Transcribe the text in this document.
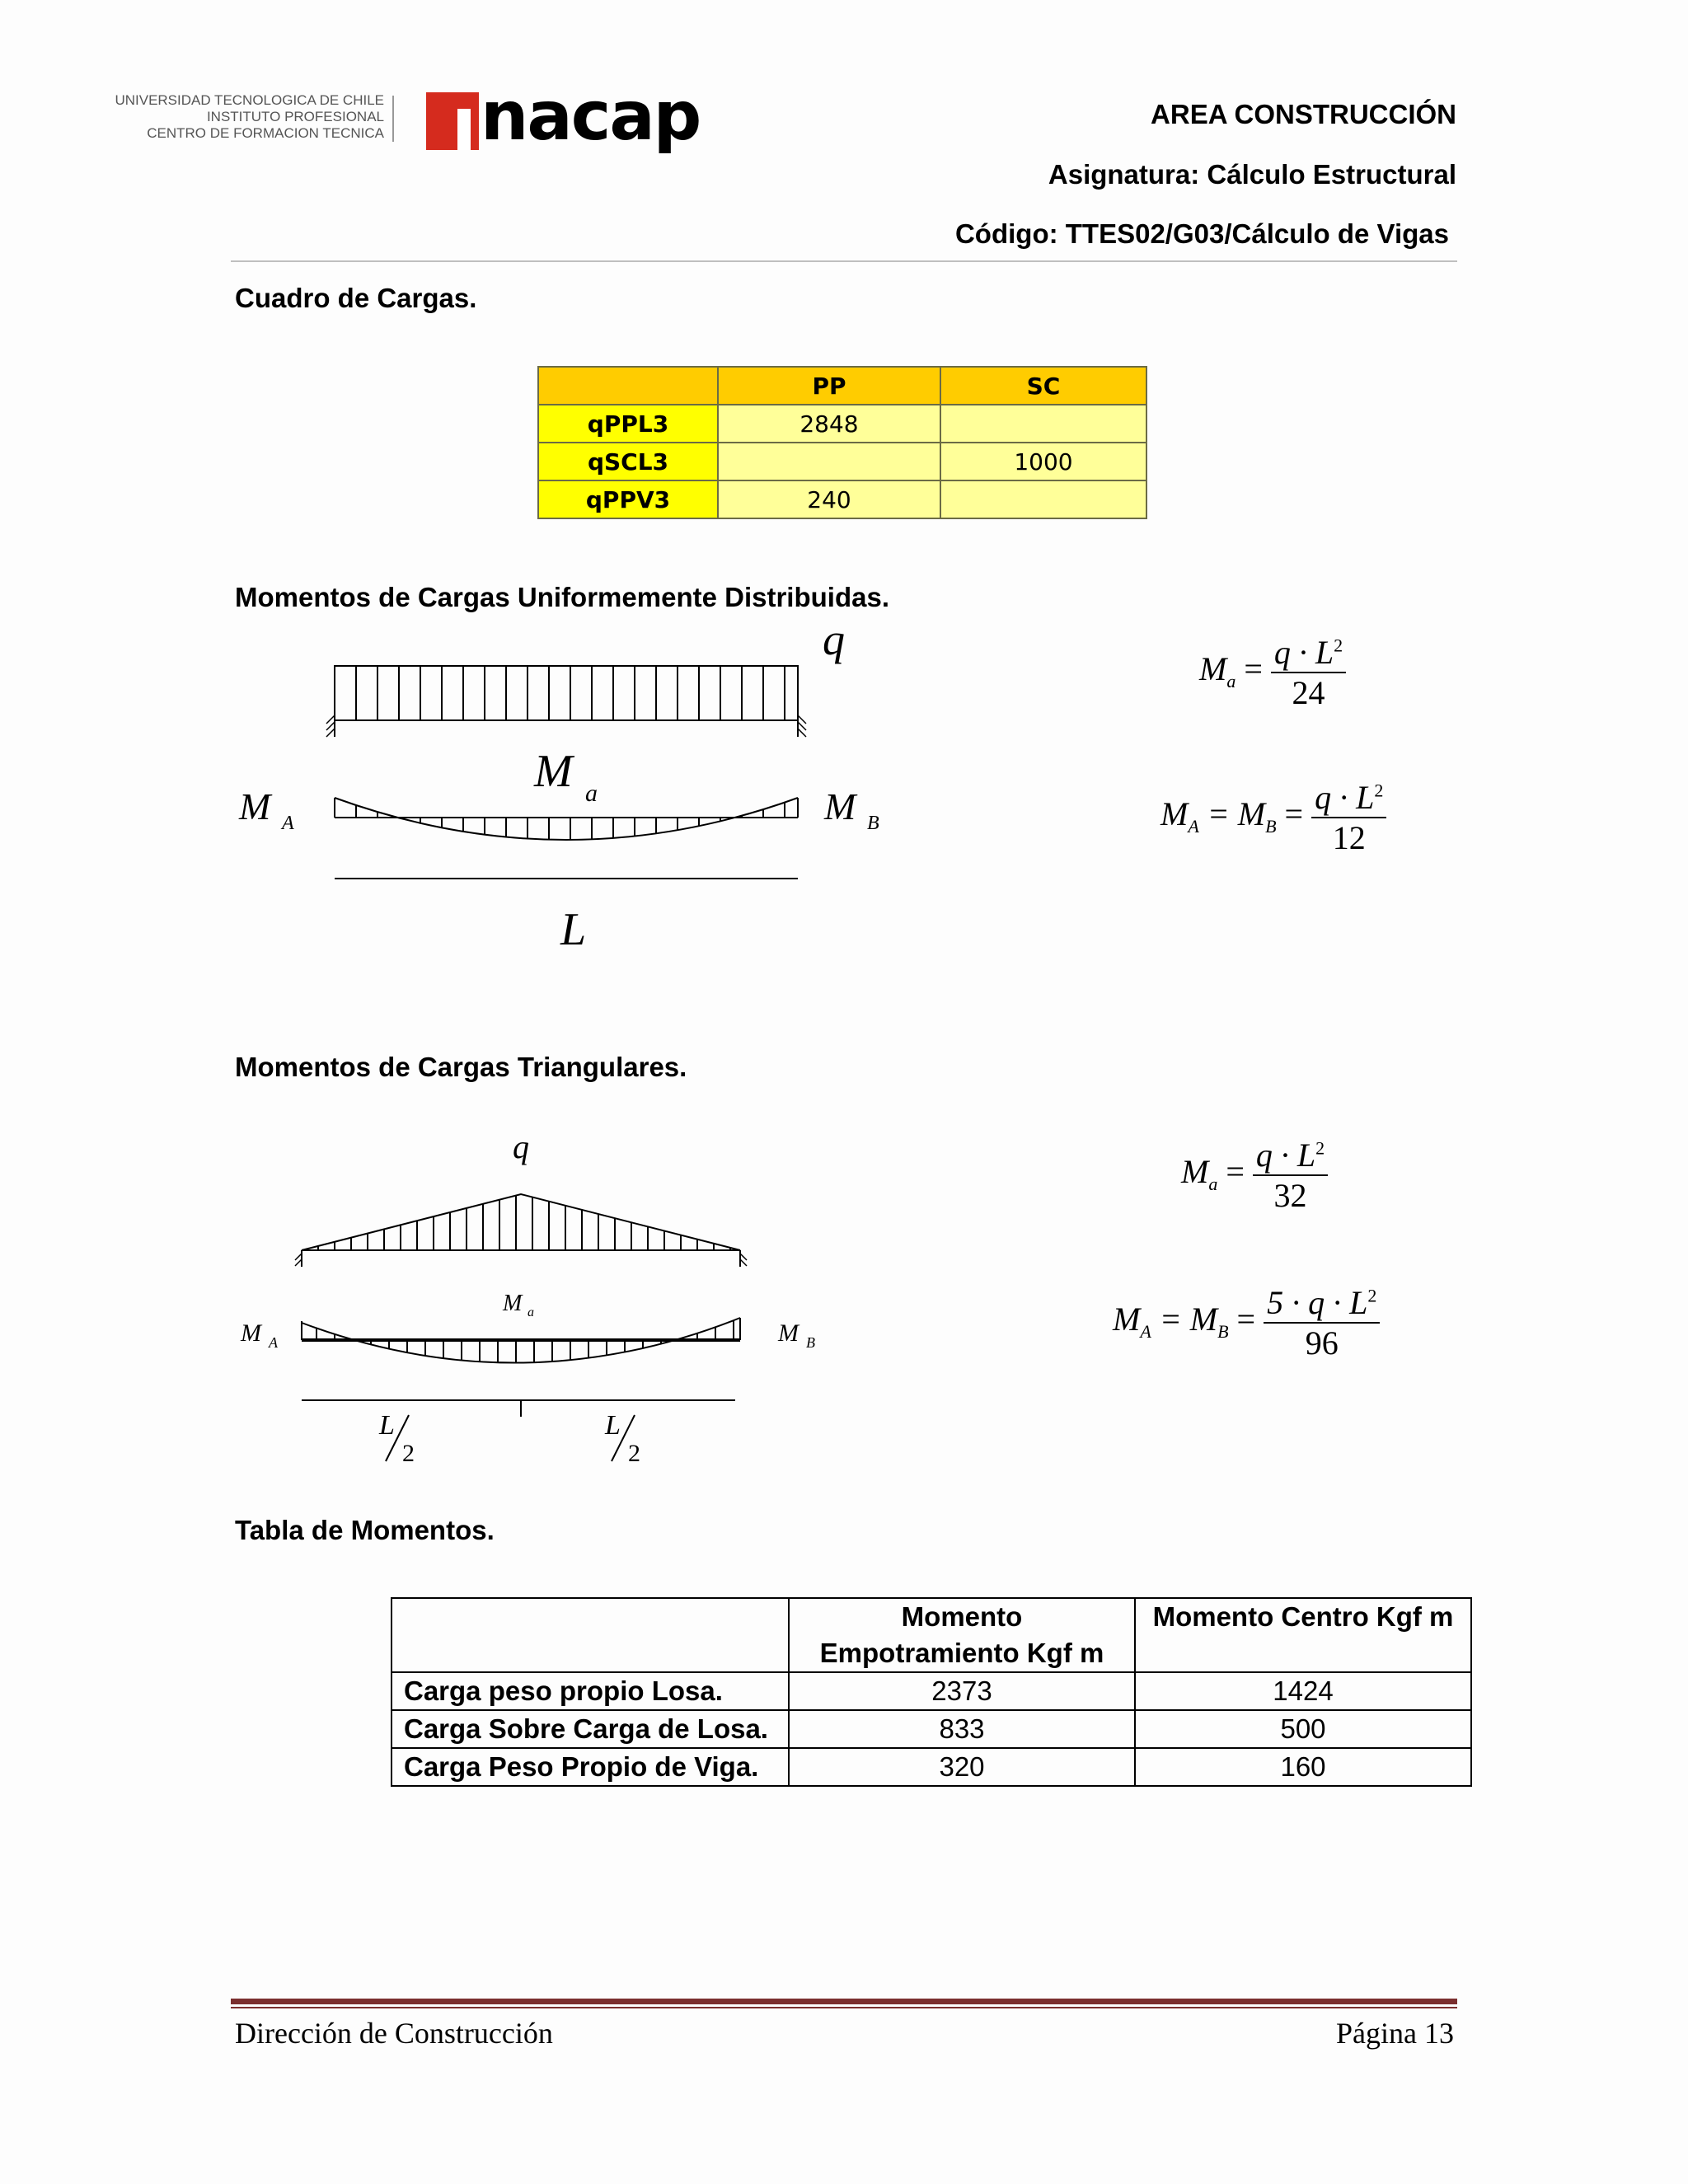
UNIVERSIDAD TECNOLOGICA DE CHILE
INSTITUTO PROFESIONAL
CENTRO DE FORMACION TECNICA nacap	AREA CONSTRUCCIÓN
Asignatura: Cálculo Estructural
Código: TTES02/G03/Cálculo de Vigas
Cuadro de Cargas.
	PP	SC
qPPL3	2848	
qSCL3		1000
qPPV3	240	
Momentos de Cargas Uniformemente Distribuidas.
q
M a
M A	M B
L
$M_a = \frac{q \cdot L^2}{24}$
$M_A = M_B = \frac{q \cdot L^2}{12}$
Momentos de Cargas Triangulares.
q
M a
M A	M B
L
2
L
2
$M_a = \frac{q \cdot L^2}{32}$
$M_A = M_B = \frac{5 \cdot q \cdot L^2}{96}$
Tabla de Momentos.

	Momento
Empotramiento Kgf m	Momento Centro Kgf m
Carga peso propio Losa.	2373	1424
Carga Sobre Carga de Losa.	833	500
Carga Peso Propio de Viga.	320	160
Dirección de Construcción	Página 13
